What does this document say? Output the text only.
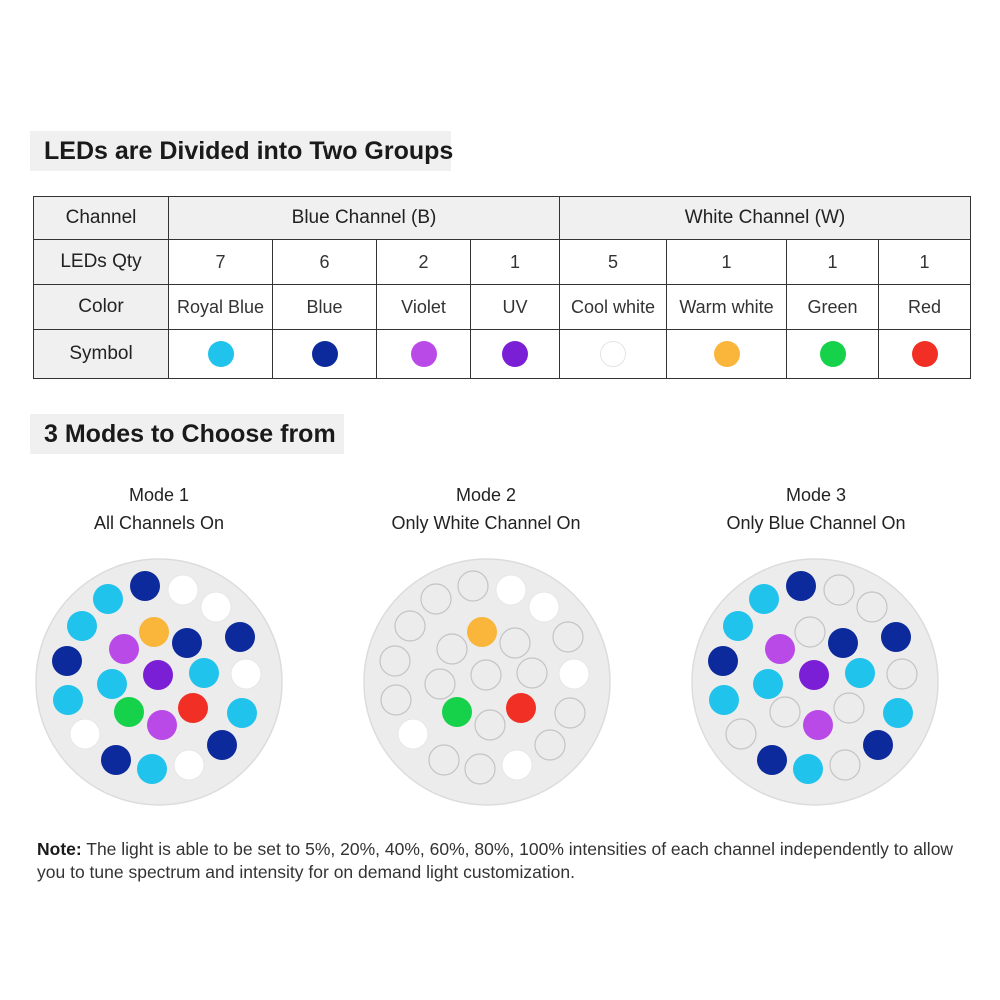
LEDs are Divided into Two Groups
Channel	Blue Channel (B)				White Channel (W)			
LEDs Qty	7	6	2	1	5	1	1	1
Color	Royal Blue	Blue	Violet	UV	Cool white	Warm white	Green	Red
Symbol								
3 Modes to Choose from
Mode 1
All Channels On
Mode 2
Only White Channel On
Mode 3
Only Blue Channel On
Note: The light is able to be set to 5%, 20%, 40%, 60%, 80%, 100% intensities of each channel independently to allow you to tune spectrum and intensity for on demand light customization.
